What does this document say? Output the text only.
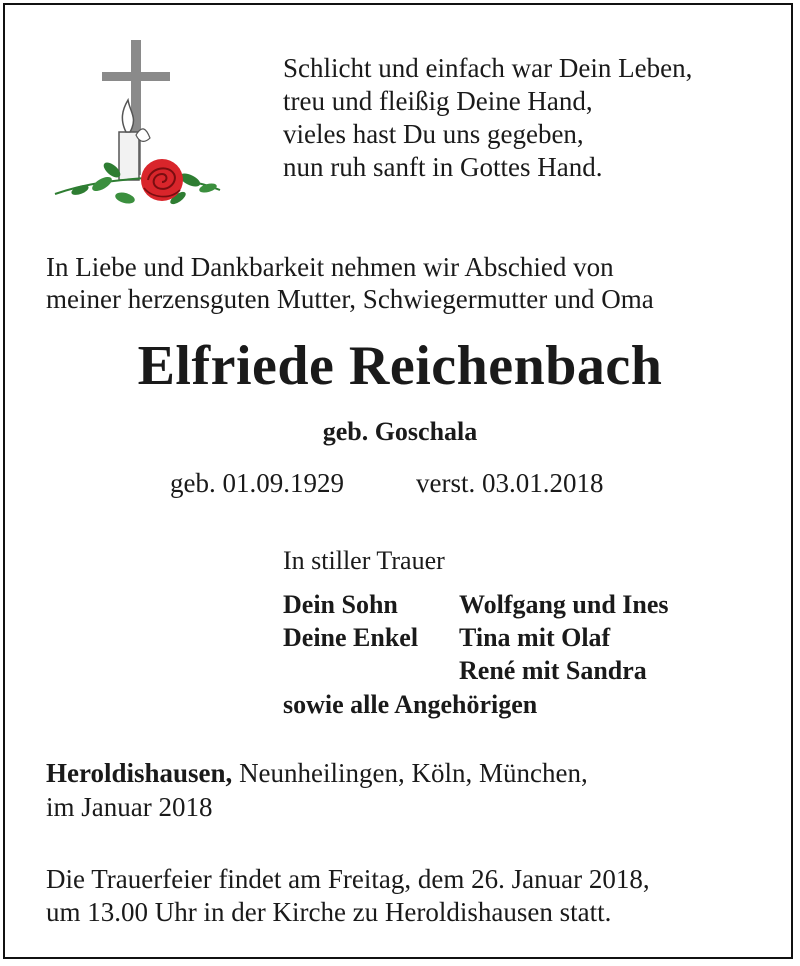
Schlicht und einfach war Dein Leben,
treu und fleißig Deine Hand,
vieles hast Du uns gegeben,
nun ruh sanft in Gottes Hand.
In Liebe und Dankbarkeit nehmen wir Abschied von
meiner herzensguten Mutter, Schwiegermutter und Oma
Elfriede Reichenbach
geb. Goschala
geb. 01.09.1929	verst. 03.01.2018
In stiller Trauer
Dein Sohn Wolfgang und Ines
Deine Enkel Tina mit Olaf
René mit Sandra
sowie alle Angehörigen
Heroldishausen, Neunheilingen, Köln, München,
im Januar 2018
Die Trauerfeier findet am Freitag, dem 26. Januar 2018,
um 13.00 Uhr in der Kirche zu Heroldishausen statt.
